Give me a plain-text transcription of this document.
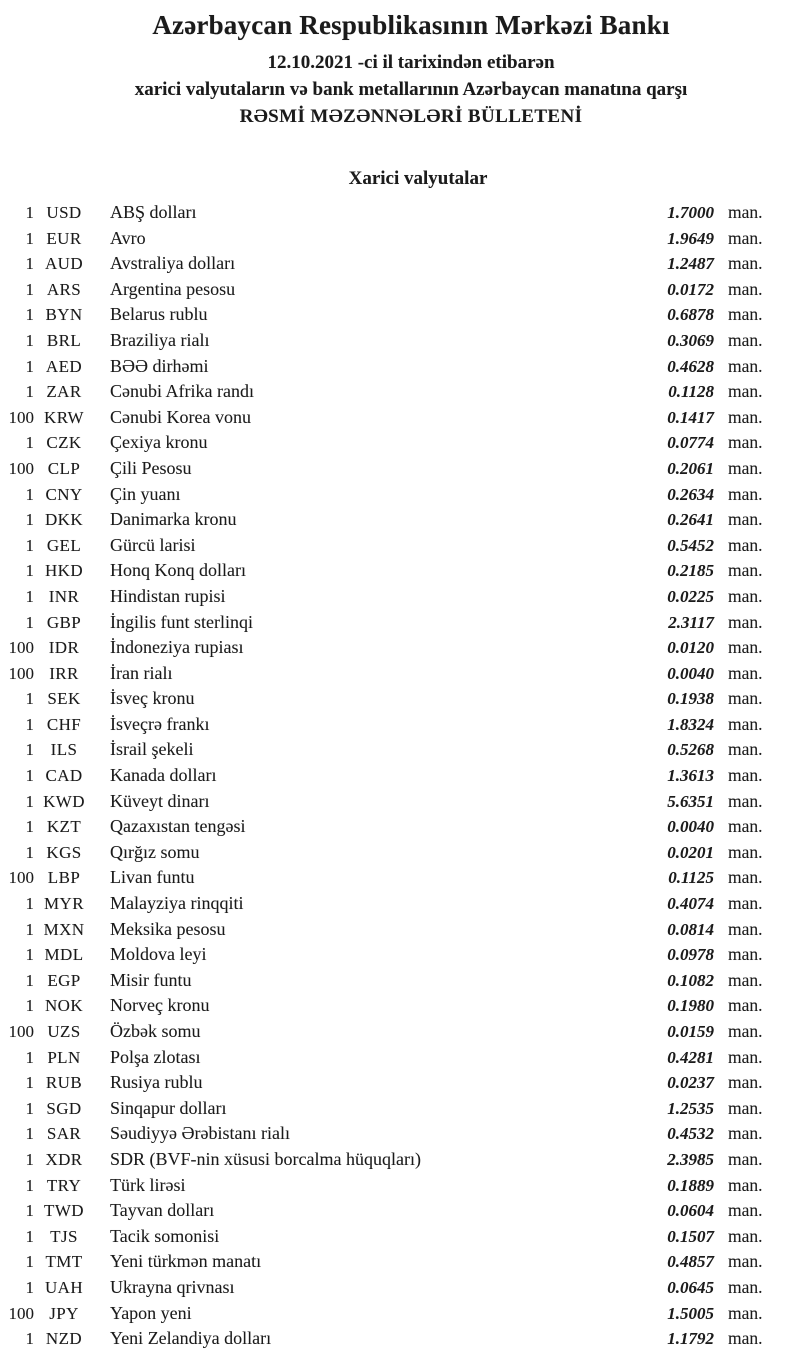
Azərbaycan Respublikasının Mərkəzi Bankı
12.10.2021 -ci il tarixindən etibarən
xarici valyutaların və bank metallarının Azərbaycan manatına qarşı
RƏSMİ MƏZƏNNƏLƏRİ BÜLLETENİ
Xarici valyutalar
1 USD	ABŞ dolları	1.7000 man.
1 EUR	Avro	1.9649 man.
1 AUD	Avstraliya dolları	1.2487 man.
1 ARS	Argentina pesosu	0.0172 man.
1 BYN	Belarus rublu	0.6878 man.
1 BRL	Braziliya rialı	0.3069 man.
1 AED	BƏƏ dirhəmi	0.4628 man.
1 ZAR	Cənubi Afrika randı	0.1128 man.
100 KRW	Cənubi Korea vonu	0.1417 man.
1 CZK	Çexiya kronu	0.0774 man.
100 CLP	Çili Pesosu	0.2061 man.
1 CNY	Çin yuanı	0.2634 man.
1 DKK	Danimarka kronu	0.2641 man.
1 GEL	Gürcü larisi	0.5452 man.
1 HKD	Honq Konq dolları	0.2185 man.
1 INR	Hindistan rupisi	0.0225 man.
1 GBP	İngilis funt sterlinqi	2.3117 man.
100 IDR	İndoneziya rupiası	0.0120 man.
100 IRR	İran rialı	0.0040 man.
1 SEK	İsveç kronu	0.1938 man.
1 CHF	İsveçrə frankı	1.8324 man.
1 ILS	İsrail şekeli	0.5268 man.
1 CAD	Kanada dolları	1.3613 man.
1 KWD	Küveyt dinarı	5.6351 man.
1 KZT	Qazaxıstan tengəsi	0.0040 man.
1 KGS	Qırğız somu	0.0201 man.
100 LBP	Livan funtu	0.1125 man.
1 MYR	Malayziya rinqqiti	0.4074 man.
1 MXN	Meksika pesosu	0.0814 man.
1 MDL	Moldova leyi	0.0978 man.
1 EGP	Misir funtu	0.1082 man.
1 NOK	Norveç kronu	0.1980 man.
100 UZS	Özbək somu	0.0159 man.
1 PLN	Polşa zlotası	0.4281 man.
1 RUB	Rusiya rublu	0.0237 man.
1 SGD	Sinqapur dolları	1.2535 man.
1 SAR	Səudiyyə Ərəbistanı rialı	0.4532 man.
1 XDR	SDR (BVF-nin xüsusi borcalma hüquqları)	2.3985 man.
1 TRY	Türk lirəsi	0.1889 man.
1 TWD	Tayvan dolları	0.0604 man.
1 TJS	Tacik somonisi	0.1507 man.
1 TMT	Yeni türkmən manatı	0.4857 man.
1 UAH	Ukrayna qrivnası	0.0645 man.
100 JPY	Yapon yeni	1.5005 man.
1 NZD	Yeni Zelandiya dolları	1.1792 man.
